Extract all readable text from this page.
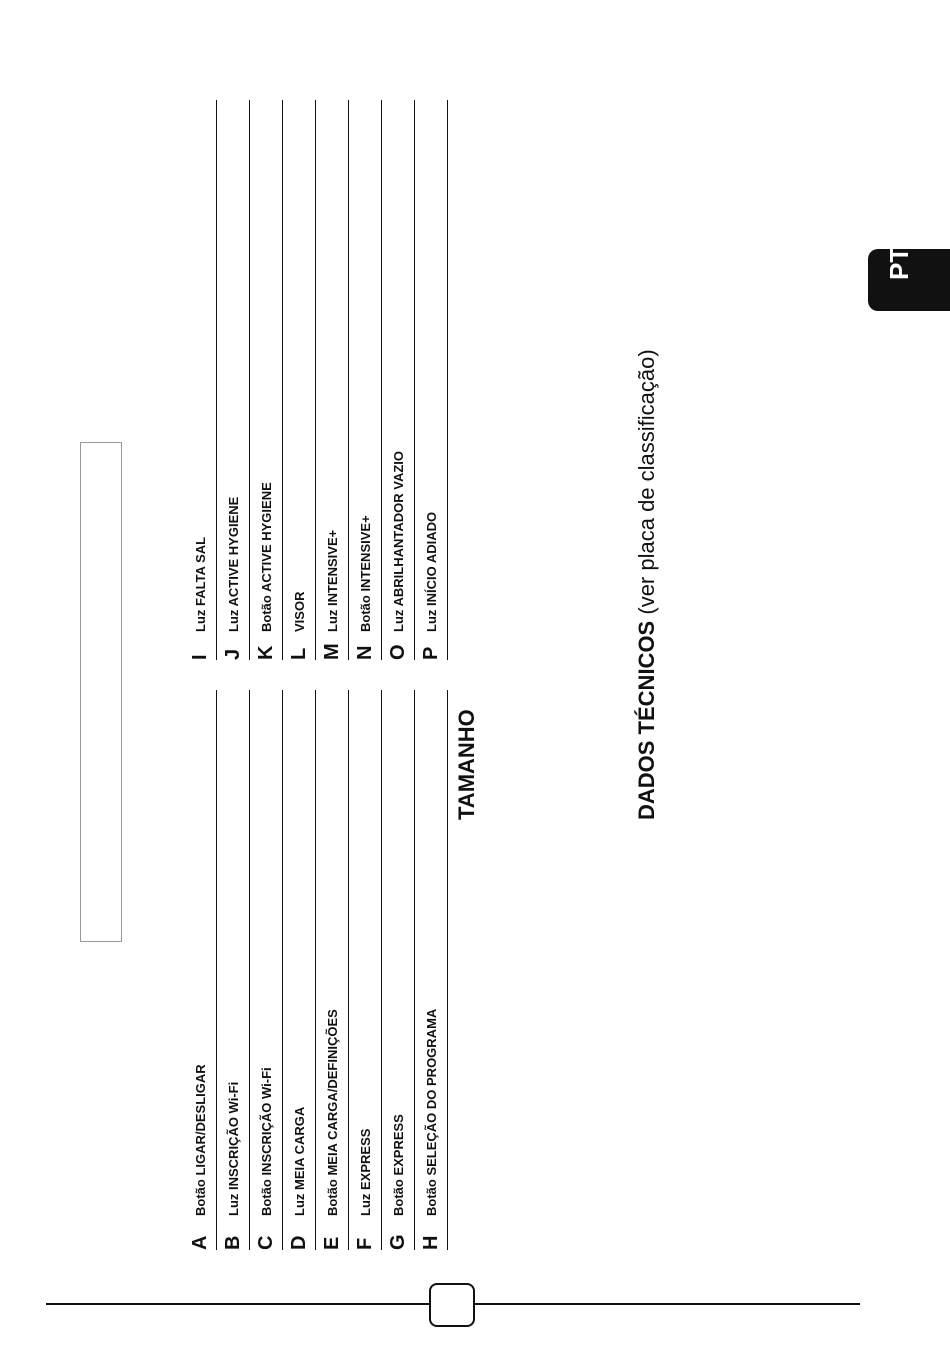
PT
A
Botão LIGAR/DESLIGAR
B
Luz INSCRIÇÃO Wi-Fi
C
Botão INSCRIÇÃO Wi-Fi
D
Luz MEIA CARGA
E
Botão MEIA CARGA/DEFINIÇÕES
F
Luz EXPRESS
G
Botão EXPRESS
H
Botão SELEÇÃO DO PROGRAMA
I
Luz FALTA SAL
J
Luz ACTIVE HYGIENE
K
Botão ACTIVE HYGIENE
L
VISOR
M
Luz INTENSIVE+
N
Botão INTENSIVE+
O
Luz ABRILHANTADOR VAZIO
P
Luz INÍCIO ADIADO
TAMANHO	DADOS TÉCNICOS (ver placa de classificação)
